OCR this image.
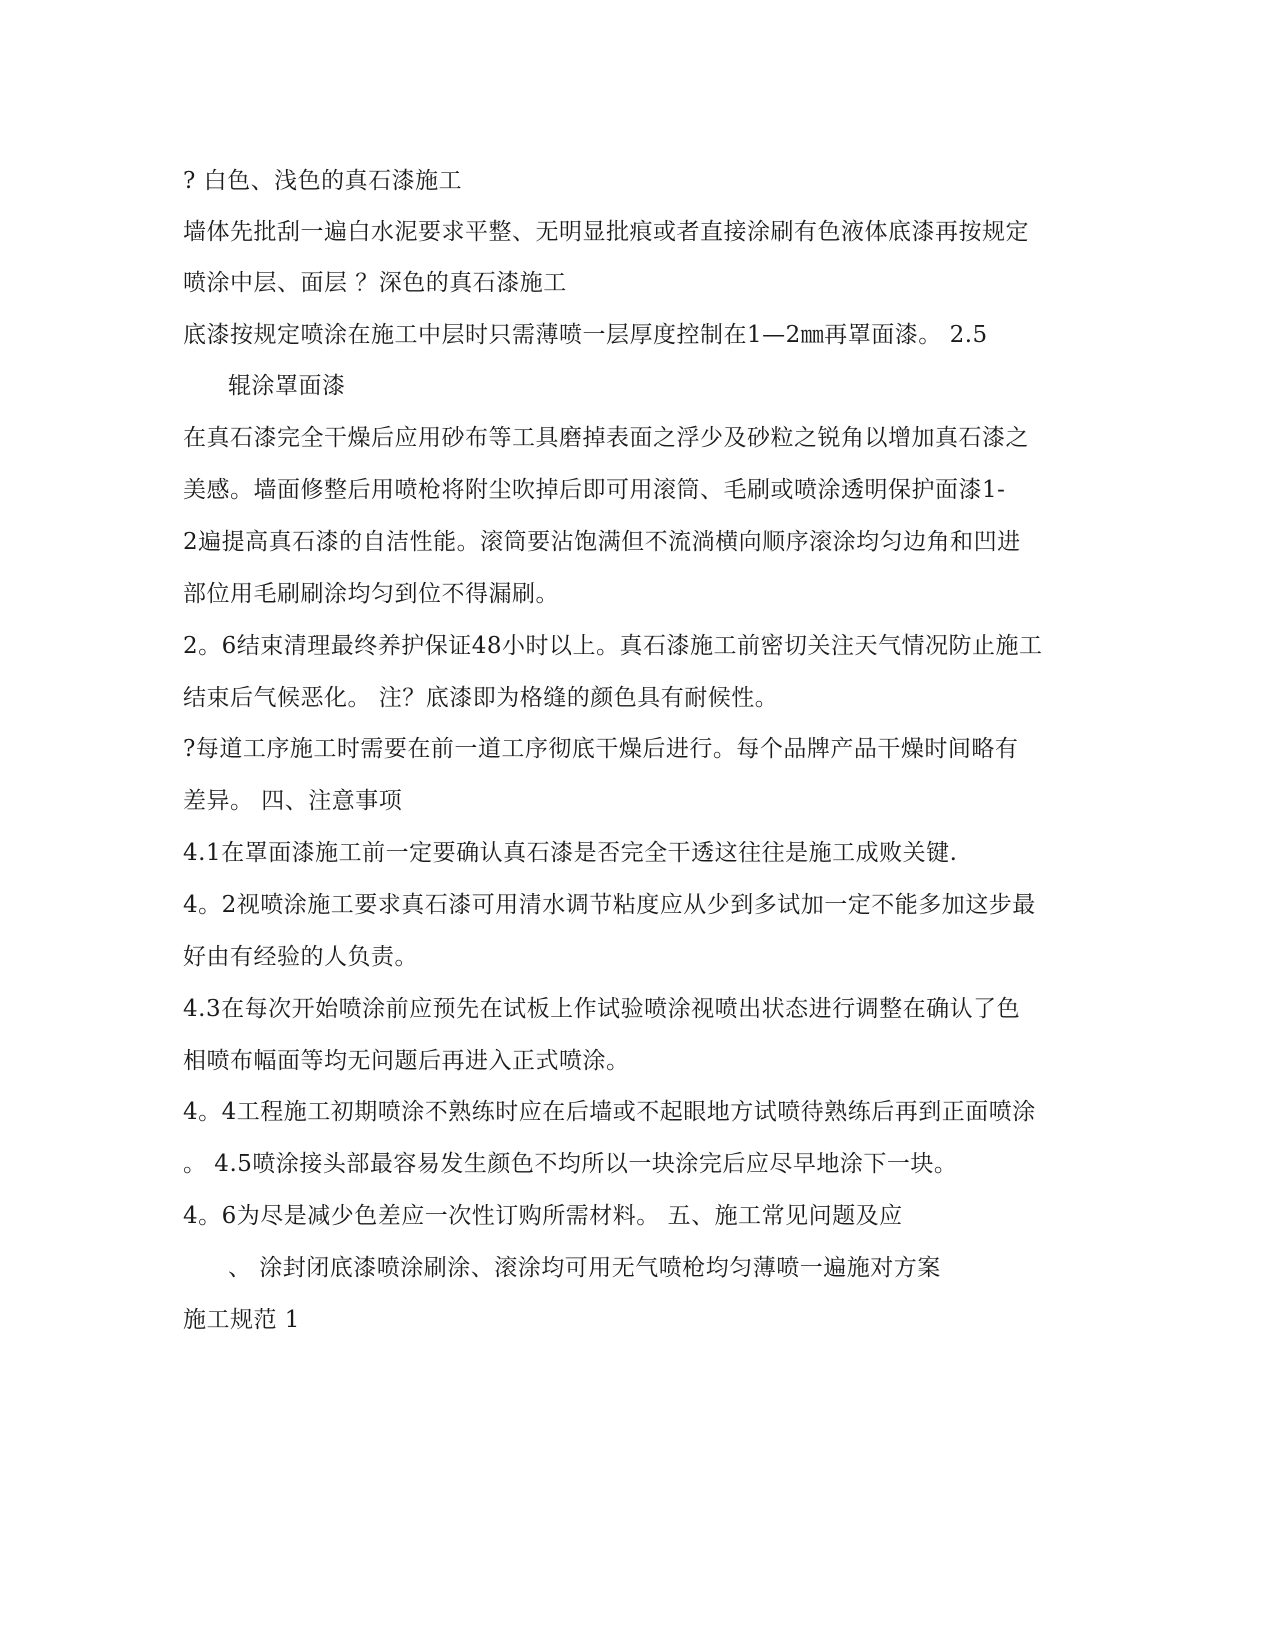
? 白色、浅色的真石漆施工
墙体先批刮一遍白水泥要求平整、无明显批痕或者直接涂刷有色液体底漆再按规定
喷涂中层、面层 ？深色的真石漆施工
底漆按规定喷涂在施工中层时只需薄喷一层厚度控制在1—2㎜再罩面漆。 2.5
辊涂罩面漆
在真石漆完全干燥后应用砂布等工具磨掉表面之浮少及砂粒之锐角以增加真石漆之
美感。墙面修整后用喷枪将附尘吹掉后即可用滚筒、毛刷或喷涂透明保护面漆1-
2遍提高真石漆的自洁性能。滚筒要沾饱满但不流淌横向顺序滚涂均匀边角和凹进
部位用毛刷刷涂均匀到位不得漏刷。
2。6结束清理最终养护保证48小时以上。真石漆施工前密切关注天气情况防止施工
结束后气候恶化。 注？底漆即为格缝的颜色具有耐候性。
?每道工序施工时需要在前一道工序彻底干燥后进行。每个品牌产品干燥时间略有
差异。 四、注意事项
4.1在罩面漆施工前一定要确认真石漆是否完全干透这往往是施工成败关键.
4。2视喷涂施工要求真石漆可用清水调节粘度应从少到多试加一定不能多加这步最
好由有经验的人负责。
4.3在每次开始喷涂前应预先在试板上作试验喷涂视喷出状态进行调整在确认了色
相喷布幅面等均无问题后再进入正式喷涂。
4。4工程施工初期喷涂不熟练时应在后墙或不起眼地方试喷待熟练后再到正面喷涂
。 4.5喷涂接头部最容易发生颜色不均所以一块涂完后应尽早地涂下一块。
4。6为尽是减少色差应一次性订购所需材料。 五、施工常见问题及应
、 涂封闭底漆喷涂刷涂、滚涂均可用无气喷枪均匀薄喷一遍施对方案
施工规范 1
